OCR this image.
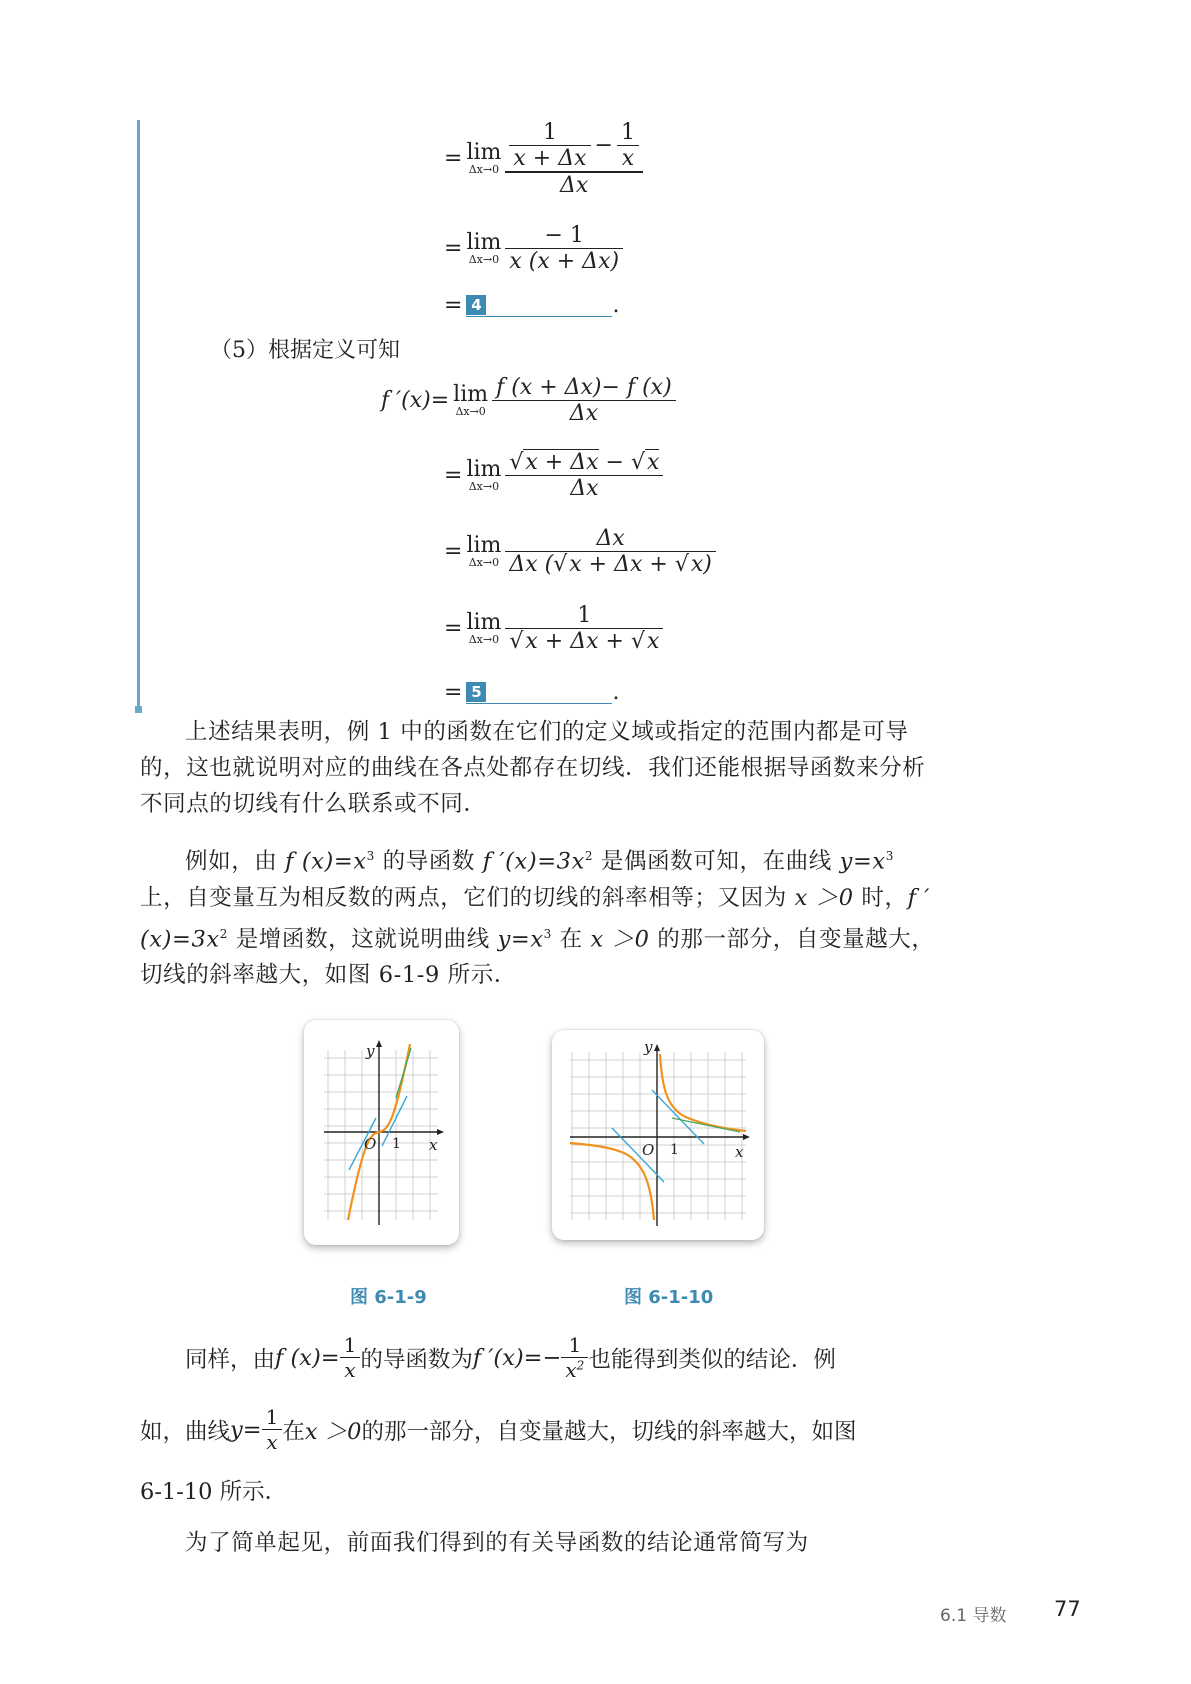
= lim
$\Delta x\to 0 \frac{\frac{1}{x + \Delta x} - \frac{1}{x}}{\Delta x}$
= lim
$\Delta x\to 0 \frac{- 1}{x (x + \Delta x)}$
= 4	.
（5）根据定义可知
f ′(x) = lim
$\Delta x\to 0 \frac{f (x + \Delta x)- f (x)}{\Delta x}$
= lim
$\Delta x\to 0 \frac{√x + \Delta x - √x}{\Delta x}$
= lim
$\Delta x\to 0 \frac{\Delta x}{\Delta x (√x + \Delta x + √x)}$
= lim
$\Delta x\to 0 \frac{1}{√x + \Delta x + √x}$
= 5	.
上述结果表明，例 1 中的函数在它们的定义域或指定的范围内都是可导的，这也就说明对应的曲线在各点处都存在切线．我们还能根据导函数来分析不同点的切线有什么联系或不同．
例如，由 f $(x)=x^3$ 的导函数 f $'(x)=3x^2$ 是偶函数可知，在曲线 $y=x^3$上，自变量互为相反数的两点，它们的切线的斜率相等；又因为 x ＞0 时，f $'(x)=3x^2$ 是增函数，这就说明曲线 $y=x^3$ 在 x ＞0 的那一部分，自变量越大，切线的斜率越大，如图 6-1-9 所示．
y
x
O 1
y
x
O 1
图 6-1-9	图 6-1-10
同样，由 f $(x)= \frac{1}{x}$ 的导函数为 f $'(x)=- \frac{1}{x^2}$ 也能得到类似的结论．例
如，曲线 $y= \frac{1}{x}$ 在 x ＞0 的那一部分，自变量越大，切线的斜率越大，如图
6-1-10 所示．
为了简单起见，前面我们得到的有关导函数的结论通常简写为
6.1 导数 77
